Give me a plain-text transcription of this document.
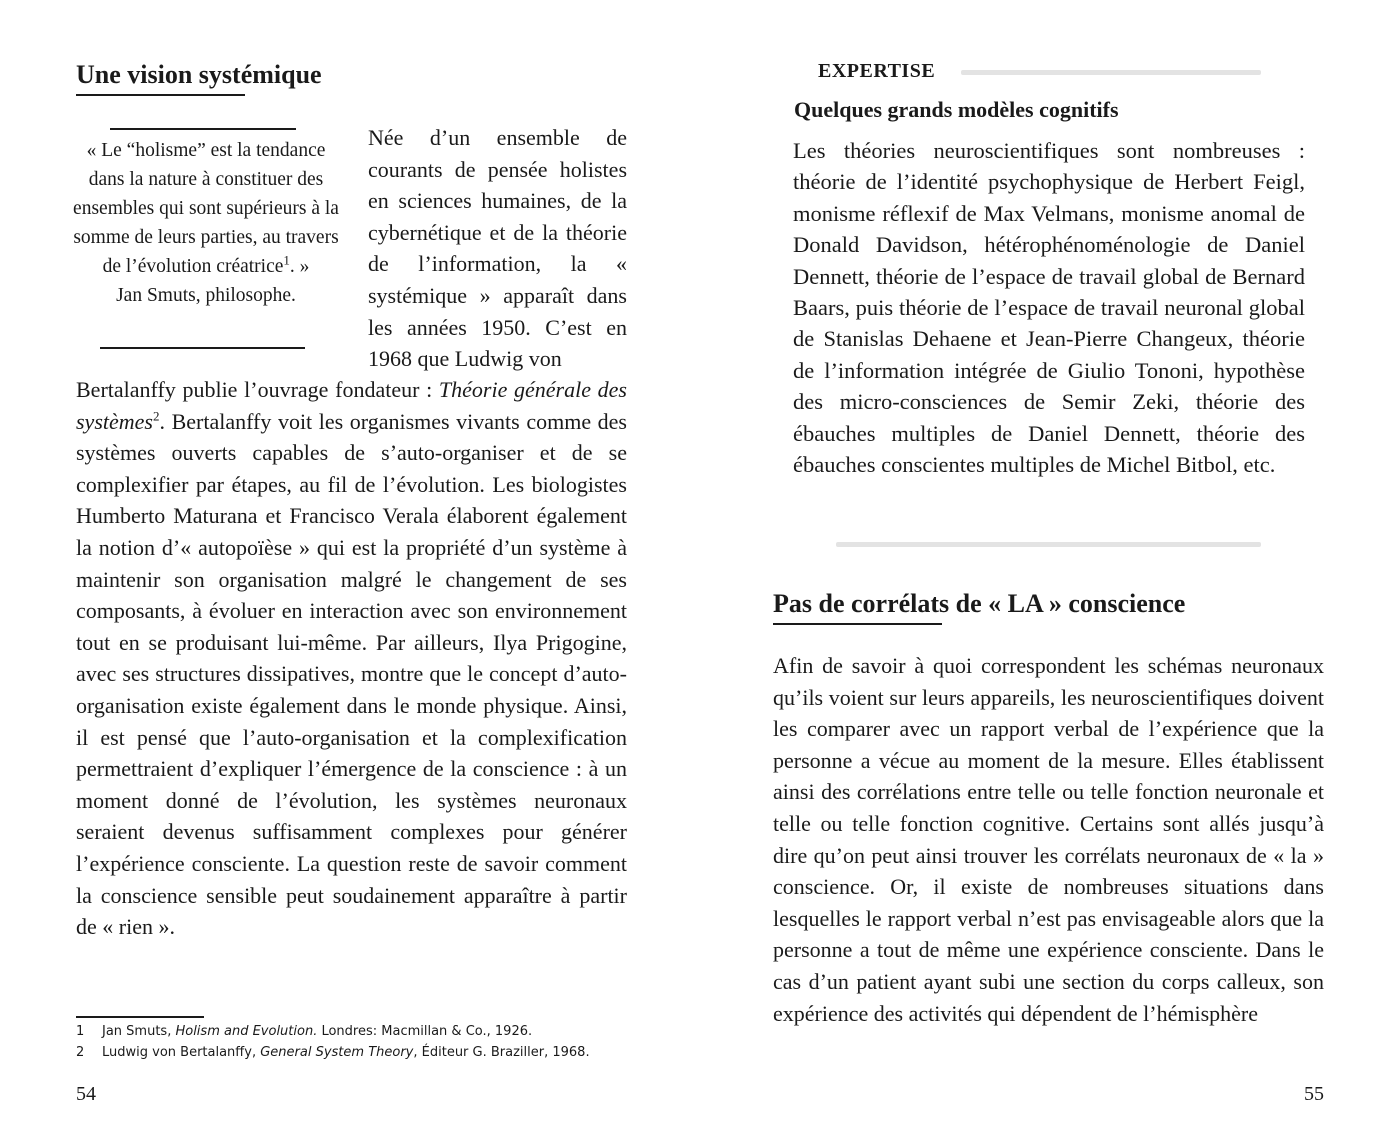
Une vision systémique

« Le “holisme” est la tendance dans la nature à constituer des ensembles qui sont supérieurs à la somme de leurs parties, au travers de l’évolution créatrice$^1$. »
Jan Smuts, philosophe.

Née d’un ensemble de courants de pensée holistes en sciences humaines, de la cybernétique et de la théorie de l’information, la « systémique » apparaît dans les années 1950. C’est en 1968 que Ludwig von

Bertalanffy publie l’ouvrage fondateur : Théorie générale des systèmes$^2$. Bertalanffy voit les organismes vivants comme des systèmes ouverts capables de s’auto-organiser et de se complexifier par étapes, au fil de l’évolution. Les biologistes Humberto Maturana et Francisco Verala élaborent également la notion d’« autopoïèse » qui est la propriété d’un système à maintenir son organisation malgré le changement de ses composants, à évoluer en interaction avec son environnement tout en se produisant lui-même. Par ailleurs, Ilya Prigogine, avec ses structures dissipatives, montre que le concept d’auto-organisation existe également dans le monde physique. Ainsi, il est pensé que l’auto-organisation et la complexification permettraient d’expliquer l’émergence de la conscience : à un moment donné de l’évolution, les systèmes neuronaux seraient devenus suffisamment complexes pour générer l’expérience consciente. La question reste de savoir comment la conscience sensible peut soudainement apparaître à partir de « rien ».

1 Jan Smuts, Holism and Evolution. Londres: Macmillan & Co., 1926.
2 Ludwig von Bertalanffy, General System Theory, Éditeur G. Braziller, 1968.
54
EXPERTISE
Quelques grands modèles cognitifs

Les théories neuroscientifiques sont nombreuses : théorie de l’identité psychophysique de Herbert Feigl, monisme réflexif de Max Velmans, monisme anomal de Donald Davidson, hétérophénoménologie de Daniel Dennett, théorie de l’espace de travail global de Bernard Baars, puis théorie de l’espace de travail neuronal global de Stanislas Dehaene et Jean-Pierre Changeux, théorie de l’information intégrée de Giulio Tononi, hypothèse des micro-consciences de Semir Zeki, théorie des ébauches multiples de Daniel Dennett, théorie des ébauches conscientes multiples de Michel Bitbol, etc.

Pas de corrélats de « LA » conscience

Afin de savoir à quoi correspondent les schémas neuronaux qu’ils voient sur leurs appareils, les neuroscientifiques doivent les comparer avec un rapport verbal de l’expérience que la personne a vécue au moment de la mesure. Elles établissent ainsi des corrélations entre telle ou telle fonction neuronale et telle ou telle fonction cognitive. Certains sont allés jusqu’à dire qu’on peut ainsi trouver les corrélats neuronaux de « la » conscience. Or, il existe de nombreuses situations dans lesquelles le rapport verbal n’est pas envisageable alors que la personne a tout de même une expérience consciente. Dans le cas d’un patient ayant subi une section du corps calleux, son expérience des activités qui dépendent de l’hémisphère

55
